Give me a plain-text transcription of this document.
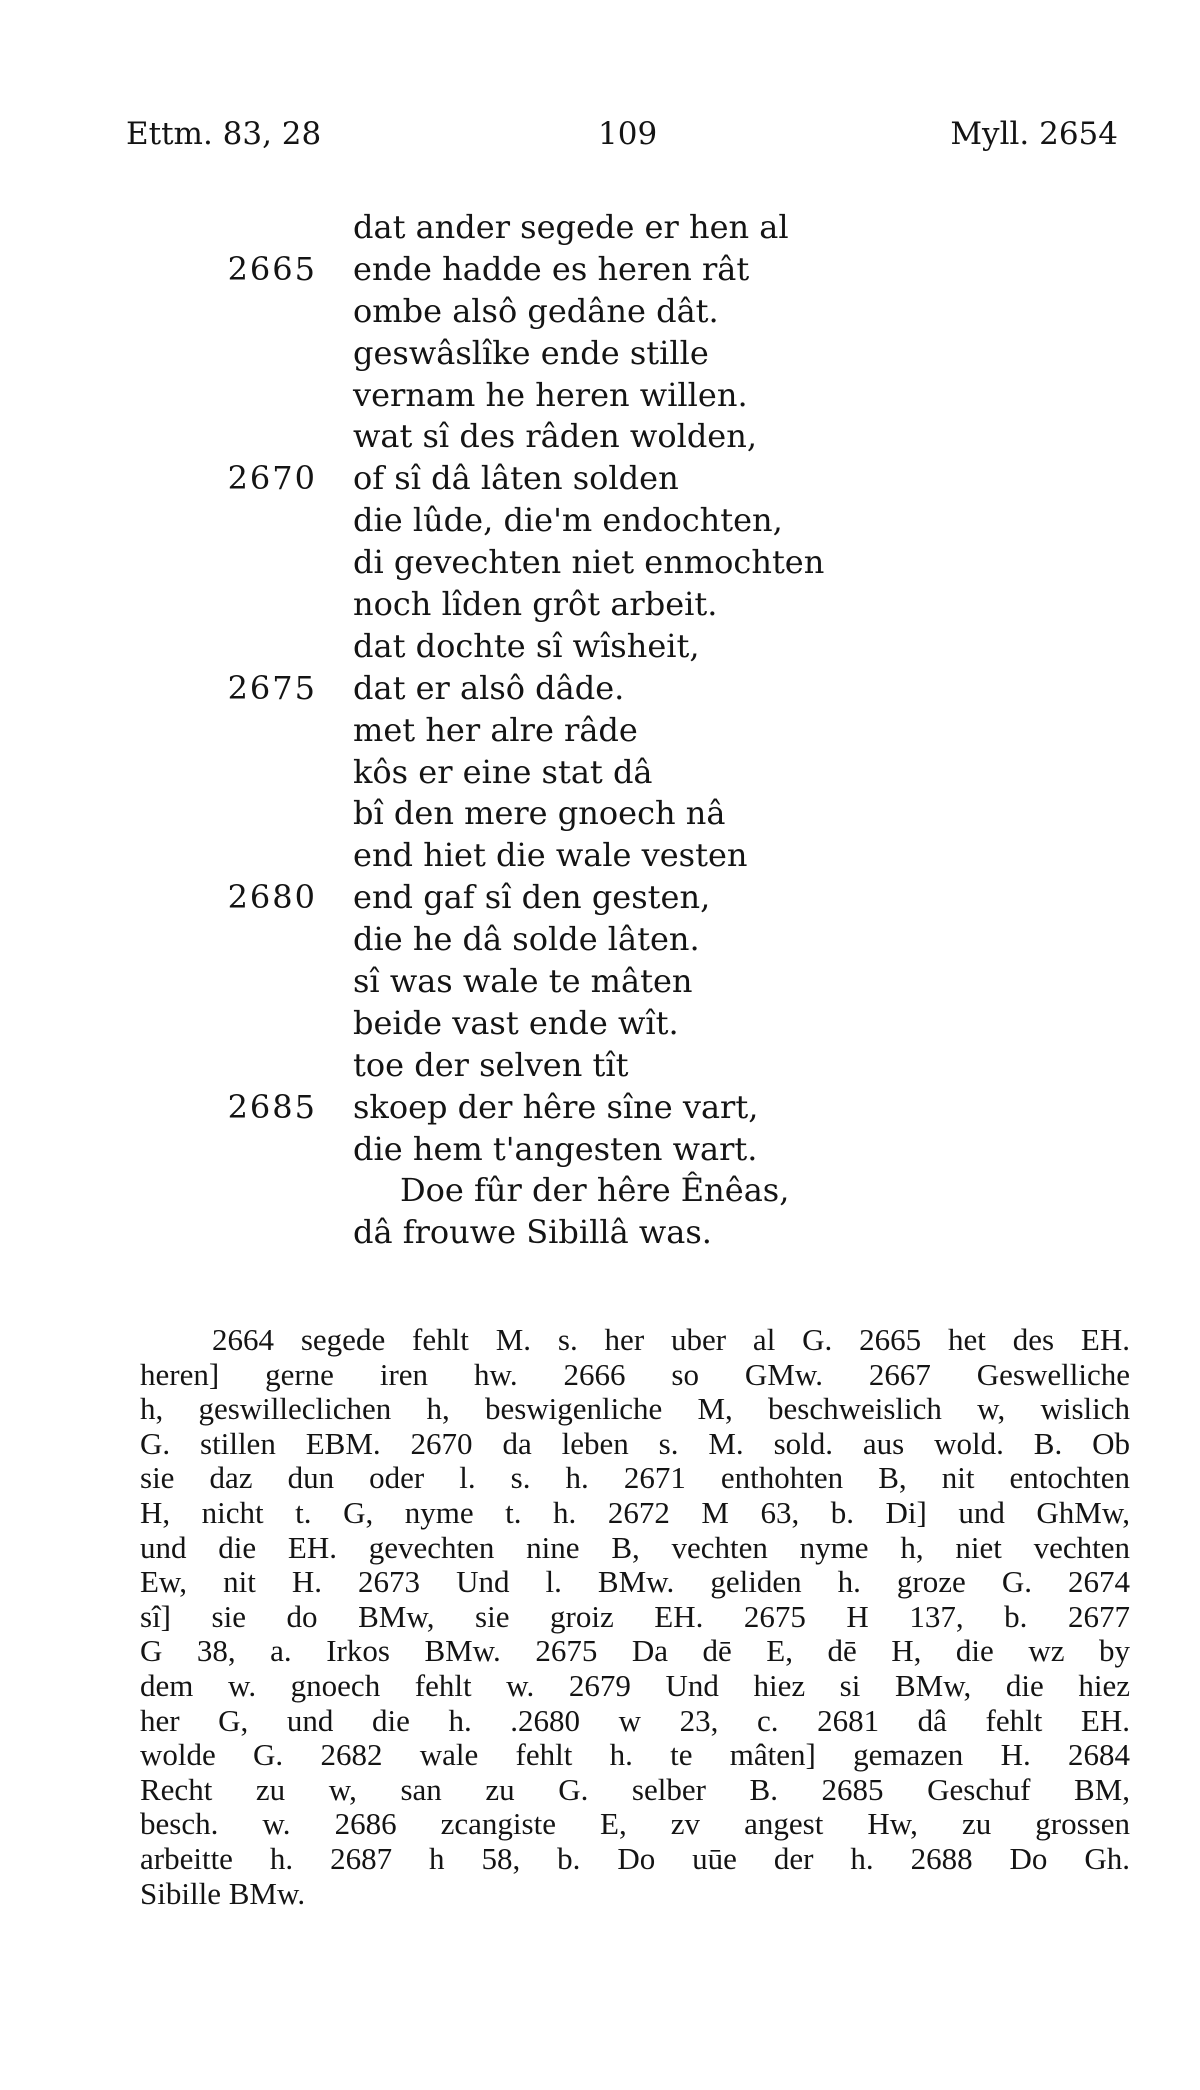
Ettm. 83, 28	109	Myll. 2654
dat ander segede er hen al
2665 ende hadde es heren rât
ombe alsô gedâne dât.
geswâslîke ende stille
vernam he heren willen.
wat sî des râden wolden,
2670 of sî dâ lâten solden
die lûde, die'm endochten,
di gevechten niet enmochten
noch lîden grôt arbeit.
dat dochte sî wîsheit,
2675 dat er alsô dâde.
met her alre râde
kôs er eine stat dâ
bî den mere gnoech nâ
end hiet die wale vesten
2680 end gaf sî den gesten,
die he dâ solde lâten.
sî was wale te mâten
beide vast ende wît.
toe der selven tît
2685 skoep der hêre sîne vart,
die hem t'angesten wart.
Doe fûr der hêre Ênêas,
dâ frouwe Sibillâ was.
2664 segede fehlt M. s. her uber al G. 2665 het des EH.
heren] gerne iren hw. 2666 so GMw. 2667 Geswelliche
h, geswilleclichen h, beswigenliche M, beschweislich w, wislich
G. stillen EBM. 2670 da leben s. M. sold. aus wold. B. Ob
sie daz dun oder l. s. h. 2671 enthohten B, nit entochten
H, nicht t. G, nyme t. h. 2672 M 63, b. Di] und GhMw,
und die EH. gevechten nine B, vechten nyme h, niet vechten
Ew, nit H. 2673 Und l. BMw. geliden h. groze G. 2674
sî] sie do BMw, sie groiz EH. 2675 H 137, b. 2677
G 38, a. Irkos BMw. 2675 Da dē E, dē H, die wz by
dem w. gnoech fehlt w. 2679 Und hiez si BMw, die hiez
her G, und die h. .2680 w 23, c. 2681 dâ fehlt EH.
wolde G. 2682 wale fehlt h. te mâten] gemazen H. 2684
Recht zu w, san zu G. selber B. 2685 Geschuf BM,
besch. w. 2686 zcangiste E, zv angest Hw, zu grossen
arbeitte h. 2687 h 58, b. Do uūe der h. 2688 Do Gh.
Sibille BMw.
